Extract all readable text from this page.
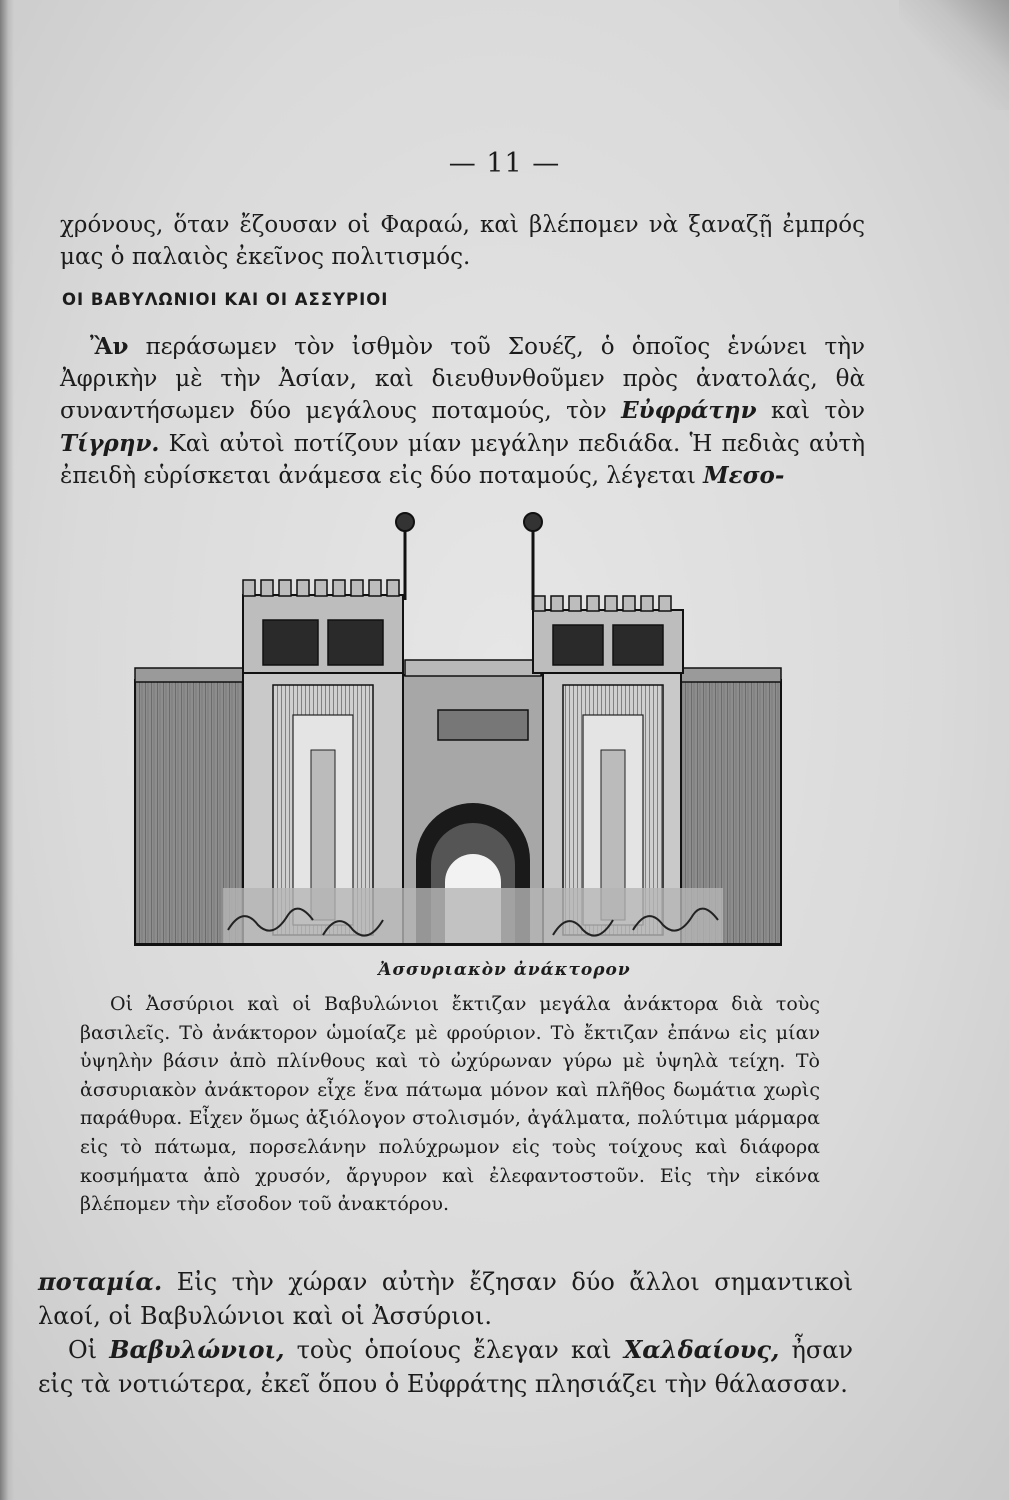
— 11 —
χρόνους, ὅταν ἔζουσαν οἱ Φαραώ, καὶ βλέπομεν νὰ ξαναζῇ ἐμπρός μας ὁ παλαιὸς ἐκεῖνος πολιτισμός.
ΟΙ ΒΑΒΥΛΩΝΙΟΙ ΚΑΙ ΟΙ ΑΣΣΥΡΙΟΙ
Ἂν περάσωμεν τὸν ἰσθμὸν τοῦ Σουέζ, ὁ ὁποῖος ἑνώνει τὴν Ἀφρικὴν μὲ τὴν Ἀσίαν, καὶ διευθυνθοῦμεν πρὸς ἀνατολάς, θὰ συναντήσωμεν δύο μεγάλους ποταμούς, τὸν Εὐφράτην καὶ τὸν Τίγρην. Καὶ αὐτοὶ ποτίζουν μίαν μεγάλην πεδιάδα. Ἡ πεδιὰς αὐτὴ ἐπειδὴ εὑρίσκεται ἀνάμεσα εἰς δύο ποταμούς, λέγεται Μεσο-
Ἀσσυριακὸν ἀνάκτορον
Οἱ Ἀσσύριοι καὶ οἱ Βαβυλώνιοι ἔκτιζαν μεγάλα ἀνάκτορα διὰ τοὺς βασιλεῖς. Τὸ ἀνάκτορον ὡμοίαζε μὲ φρούριον. Τὸ ἔκτιζαν ἐπάνω εἰς μίαν ὑψηλὴν βάσιν ἀπὸ πλίνθους καὶ τὸ ὠχύρωναν γύρω μὲ ὑψηλὰ τείχη. Τὸ ἀσσυριακὸν ἀνάκτορον εἶχε ἕνα πάτωμα μόνον καὶ πλῆθος δωμάτια χωρὶς παράθυρα. Εἶχεν ὅμως ἀξιόλογον στολισμόν, ἀγάλματα, πολύτιμα μάρμαρα εἰς τὸ πάτωμα, πορσελάνην πολύχρωμον εἰς τοὺς τοίχους καὶ διάφορα κοσμήματα ἀπὸ χρυσόν, ἄργυρον καὶ ἐλεφαντοστοῦν. Εἰς τὴν εἰκόνα βλέπομεν τὴν εἴσοδον τοῦ ἀνακτόρου.
ποταμία. Εἰς τὴν χώραν αὐτὴν ἔζησαν δύο ἄλλοι σημαντικοὶ λαοί, οἱ Βαβυλώνιοι καὶ οἱ Ἀσσύριοι.
Οἱ Βαβυλώνιοι, τοὺς ὁποίους ἔλεγαν καὶ Χαλδαίους, ἦσαν εἰς τὰ νοτιώτερα, ἐκεῖ ὅπου ὁ Εὐφράτης πλησιάζει τὴν θάλασσαν.
